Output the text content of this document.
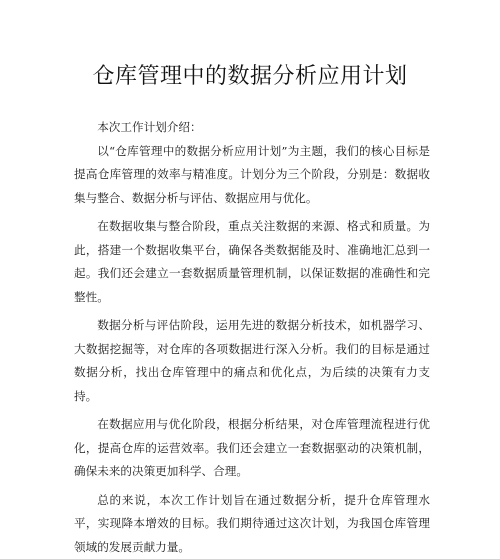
仓库管理中的数据分析应用计划

本次工作计划介绍：

以“仓库管理中的数据分析应用计划”为主题，我们的核心目标是提高仓库管理的效率与精准度。计划分为三个阶段，分别是：数据收集与整合、数据分析与评估、数据应用与优化。

在数据收集与整合阶段，重点关注数据的来源、格式和质量。为此，搭建一个数据收集平台，确保各类数据能及时、准确地汇总到一起。我们还会建立一套数据质量管理机制，以保证数据的准确性和完整性。

数据分析与评估阶段，运用先进的数据分析技术，如机器学习、大数据挖掘等，对仓库的各项数据进行深入分析。我们的目标是通过数据分析，找出仓库管理中的痛点和优化点，为后续的决策有力支持。

在数据应用与优化阶段，根据分析结果，对仓库管理流程进行优化，提高仓库的运营效率。我们还会建立一套数据驱动的决策机制，确保未来的决策更加科学、合理。

总的来说，本次工作计划旨在通过数据分析，提升仓库管理水平，实现降本增效的目标。我们期待通过这次计划，为我国仓库管理领域的发展贡献力量。
